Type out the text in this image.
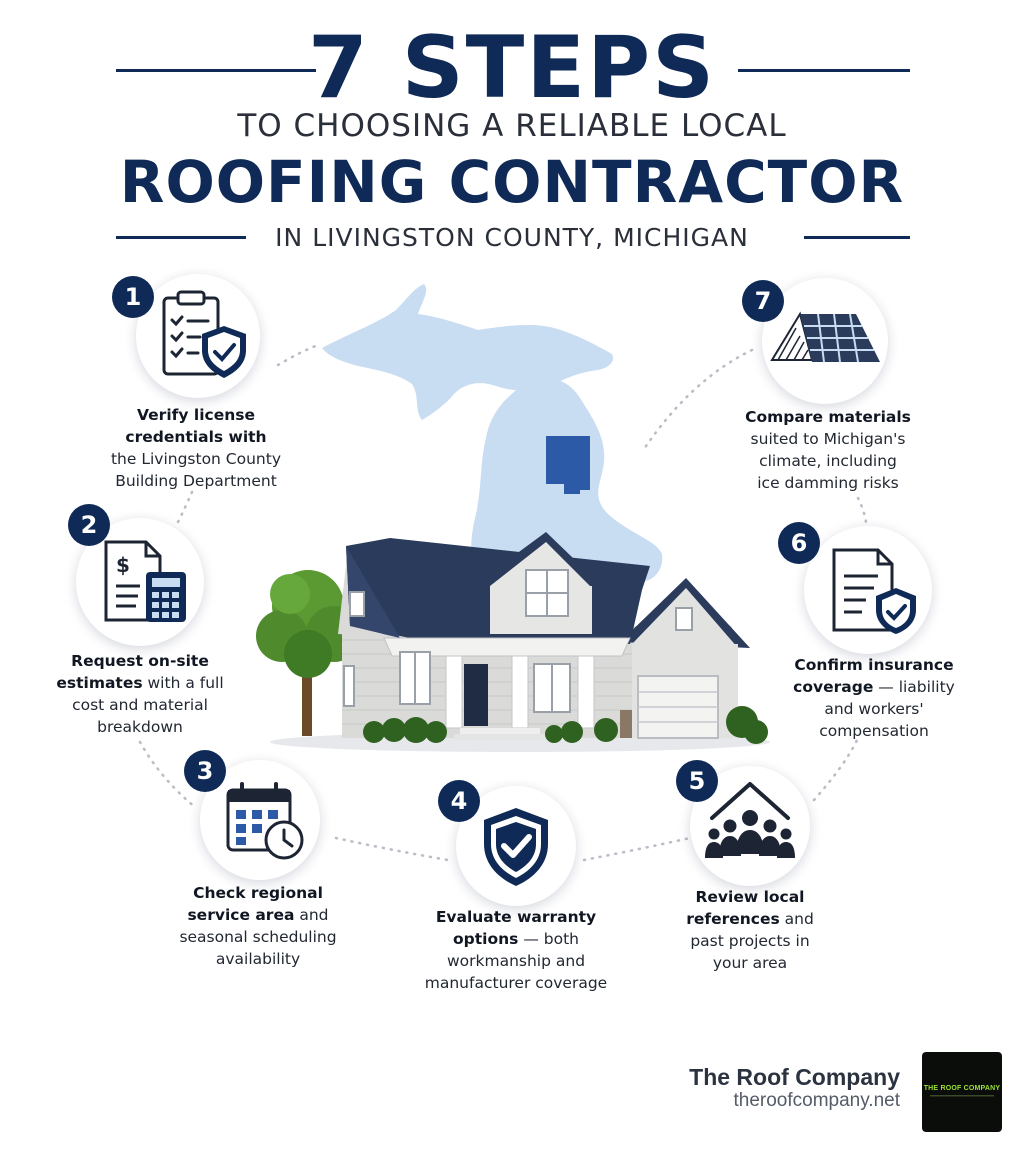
7 STEPS
TO CHOOSING A RELIABLE LOCAL
ROOFING CONTRACTOR
IN LIVINGSTON COUNTY, MICHIGAN
1
Verify license
credentials with
the Livingston County
Building Department
$
2
Request on-site
estimates with a full
cost and material
breakdown
3
Check regional
service area and
seasonal scheduling
availability
4
Evaluate warranty
options — both
workmanship and
manufacturer coverage
5
Review local
references and
past projects in
your area
6
Confirm insurance
coverage — liability
and workers'
compensation
7
Compare materials
suited to Michigan's
climate, including
ice damming risks
The Roof Company
theroofcompany.net
THE ROOF COMPANY
